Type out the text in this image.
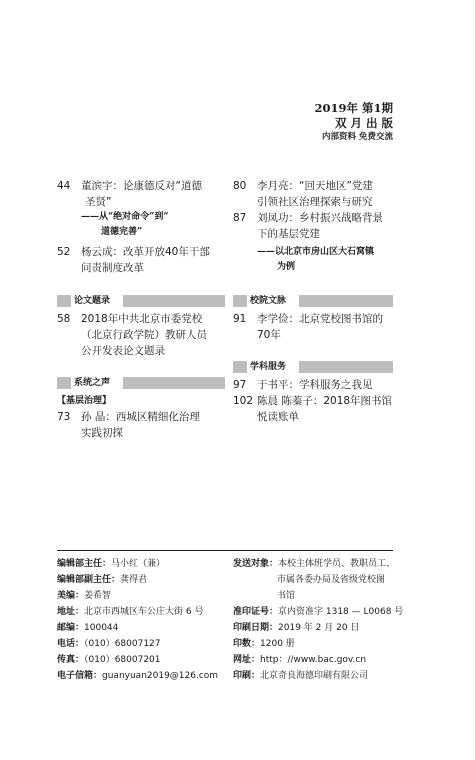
2019年 第1期
双 月 出 版
内部资料 免费交流
44	董滨宇：论康德反对“道德
圣贤”
——从“绝对命令”到“
道德完善”
52	杨云成：改革开放40年干部
问责制度改革
论文题录
58	2018年中共北京市委党校
（北京行政学院）教研人员
公开发表论文题录
系统之声
【基层治理】
73	孙 晶：西城区精细化治理
实践初探
80	李月亮：“回天地区”党建
引领社区治理探索与研究
87	刘凤功：乡村振兴战略背景
下的基层党建
——以北京市房山区大石窝镇
为例
校院文脉
91	李学俭：北京党校图书馆的
70年
学科服务
97	于书平：学科服务之我见
102 陈晨 陈蓁子：2018年图书馆
悦读账单
编辑部主任：马小红（兼）
编辑部副主任：龚得君
美编：姜希智
地址：北京市西城区车公庄大街 6 号
邮编：100044
电话：（010）68007127
传真：（010）68007201
电子信箱：guanyuan2019@126.com
发送对象：本校主体班学员、教职员工、
市属各委办局及省级党校图
书馆
准印证号：京内资准字 1318 — L0068 号
印刷日期：2019 年 2 月 20 日
印数：1200 册
网址：http：//www.bac.gov.cn
印刷：北京奇良海德印刷有限公司
